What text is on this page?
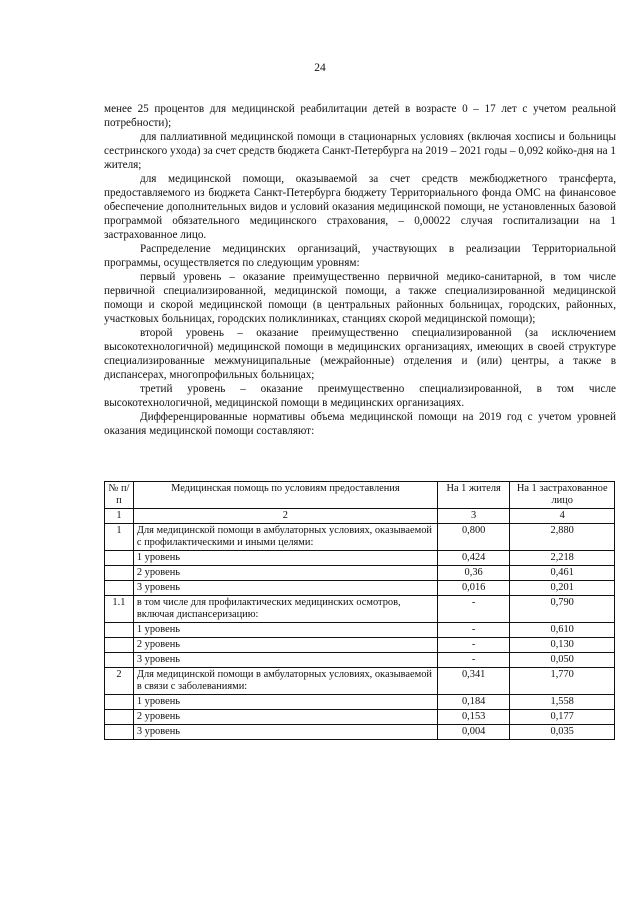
24

менее 25 процентов для медицинской реабилитации детей в возрасте 0 – 17 лет с учетом реальной потребности);

для паллиативной медицинской помощи в стационарных условиях (включая хосписы и больницы сестринского ухода) за счет средств бюджета Санкт-Петербурга на 2019 – 2021 годы – 0,092 койко-дня на 1 жителя;

для медицинской помощи, оказываемой за счет средств межбюджетного трансферта, предоставляемого из бюджета Санкт-Петербурга бюджету Территориального фонда ОМС на финансовое обеспечение дополнительных видов и условий оказания медицинской помощи, не установленных базовой программой обязательного медицинского страхования, – 0,00022 случая госпитализации на 1 застрахованное лицо.

Распределение медицинских организаций, участвующих в реализации Территориальной программы, осуществляется по следующим уровням:

первый уровень – оказание преимущественно первичной медико-санитарной, в том числе первичной специализированной, медицинской помощи, а также специализированной медицинской помощи и скорой медицинской помощи (в центральных районных больницах, городских, районных, участковых больницах, городских поликлиниках, станциях скорой медицинской помощи);

второй уровень – оказание преимущественно специализированной (за исключением высокотехнологичной) медицинской помощи в медицинских организациях, имеющих в своей структуре специализированные межмуниципальные (межрайонные) отделения и (или) центры, а также в диспансерах, многопрофильных больницах;

третий уровень – оказание преимущественно специализированной, в том числе высокотехнологичной, медицинской помощи в медицинских организациях.

Дифференцированные нормативы объема медицинской помощи на 2019 год с учетом уровней оказания медицинской помощи составляют:

№ п/п	Медицинская помощь по условиям предоставления	На 1 жителя	На 1 застрахованное лицо
1	2	3	4
1	Для медицинской помощи в амбулаторных условиях, оказываемой с профилактическими и иными целями:	0,800	2,880
	1 уровень	0,424	2,218
	2 уровень	0,36	0,461
	3 уровень	0,016	0,201
1.1	в том числе для профилактических медицинских осмотров, включая диспансеризацию:	-	0,790
	1 уровень	-	0,610
	2 уровень	-	0,130
	3 уровень	-	0,050
2	Для медицинской помощи в амбулаторных условиях, оказываемой в связи с заболеваниями:	0,341	1,770
	1 уровень	0,184	1,558
	2 уровень	0,153	0,177
	3 уровень	0,004	0,035
